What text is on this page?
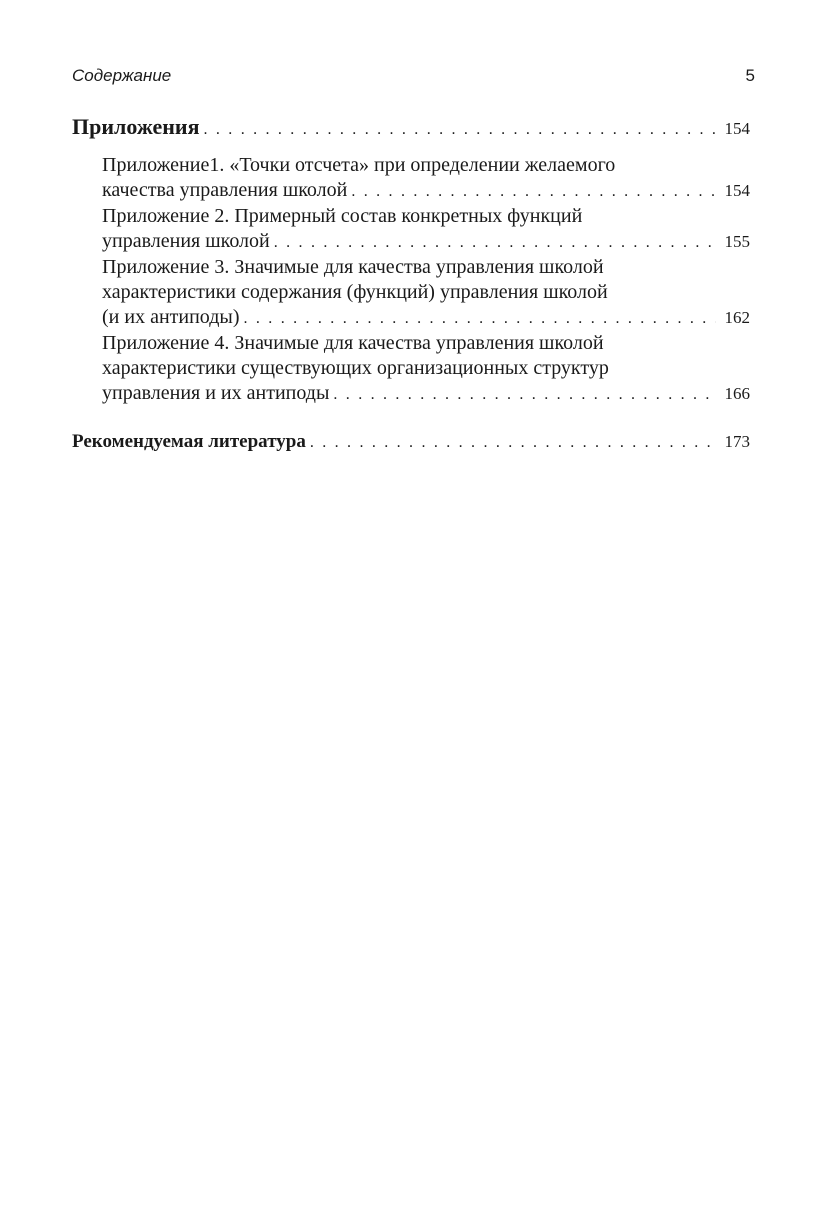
Содержание	5
Приложения . . .	154
Приложение1. «Точки отсчета» при определении желаемого
качества управления школой . . .	154
Приложение 2. Примерный состав конкретных функций
управления школой . . .	155
Приложение 3. Значимые для качества управления школой
характеристики содержания (функций) управления школой
(и их антиподы) . . .	162
Приложение 4. Значимые для качества управления школой
характеристики существующих организационных структур
управления и их антиподы . . .	166
Рекомендуемая литература . . .	173
